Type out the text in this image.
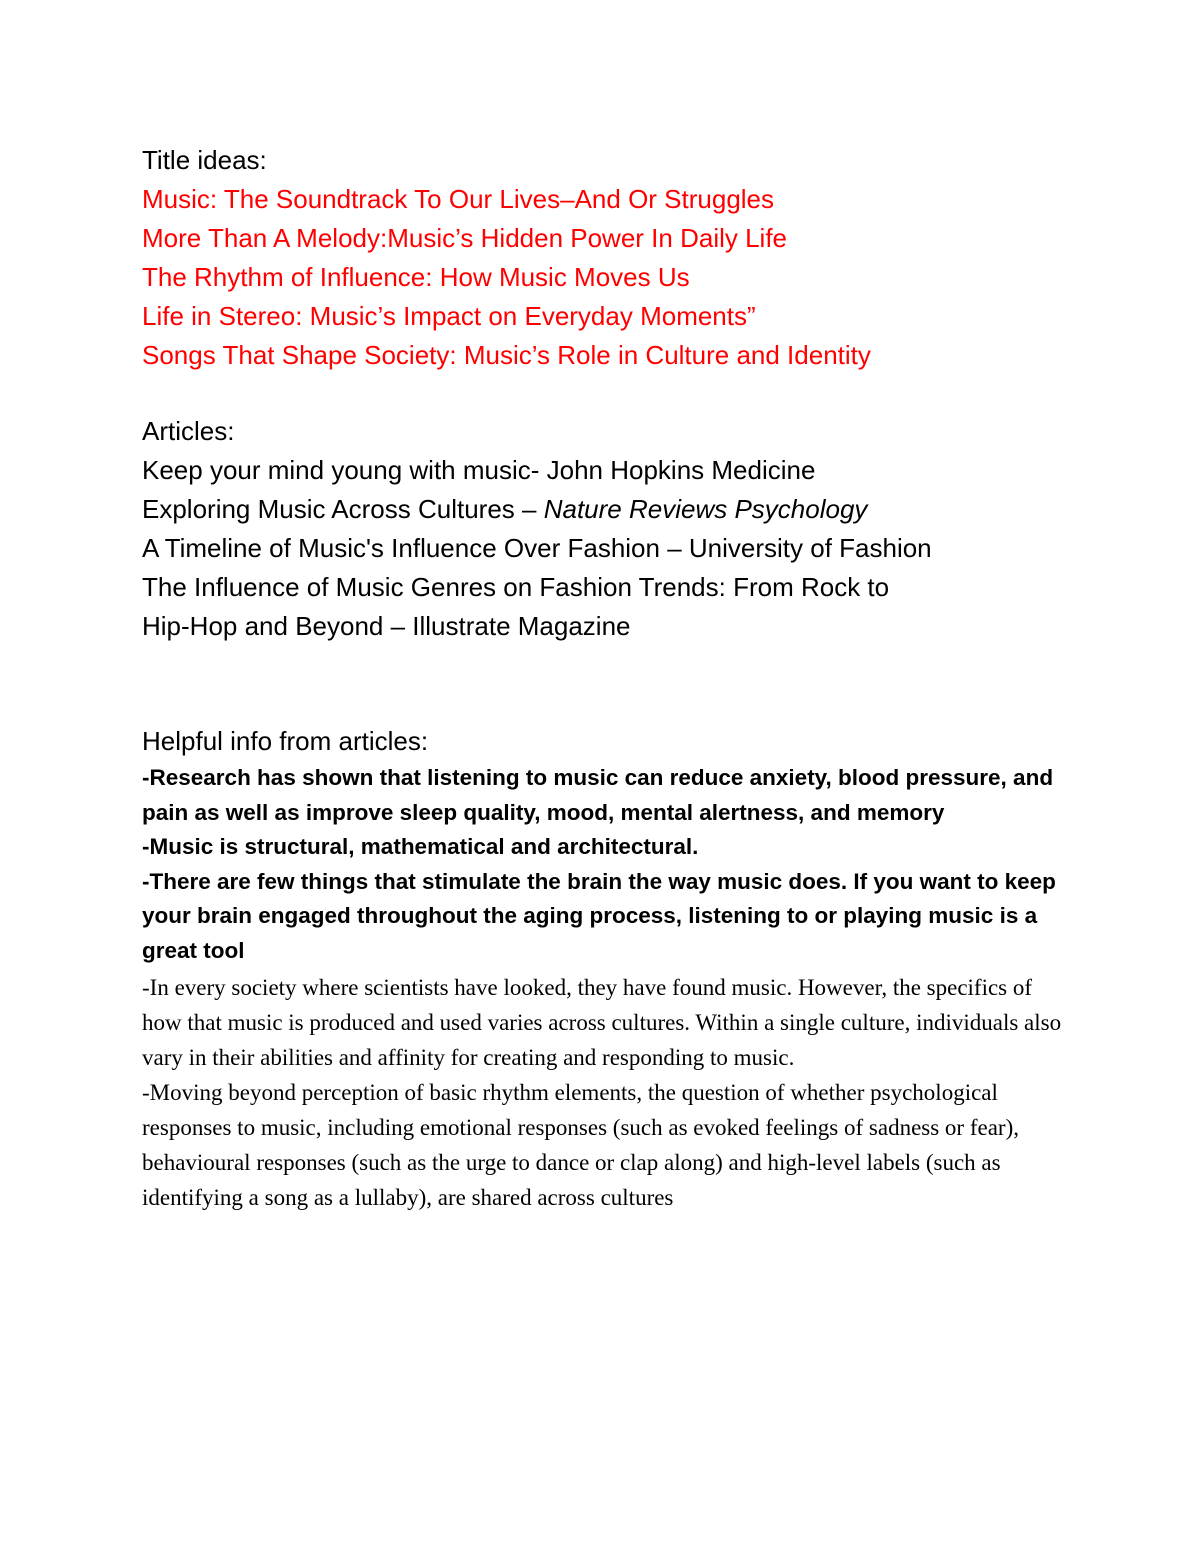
Title ideas:
Music: The Soundtrack To Our Lives–And Or Struggles
More Than A Melody:Music’s Hidden Power In Daily Life
The Rhythm of Influence: How Music Moves Us
Life in Stereo: Music’s Impact on Everyday Moments”
Songs That Shape Society: Music’s Role in Culture and Identity
Articles:
Keep your mind young with music- John Hopkins Medicine
Exploring Music Across Cultures – Nature Reviews Psychology
A Timeline of Music's Influence Over Fashion – University of Fashion
The Influence of Music Genres on Fashion Trends: From Rock to
Hip-Hop and Beyond – Illustrate Magazine
Helpful info from articles:

-Research has shown that listening to music can reduce anxiety, blood pressure, and pain as well as improve sleep quality, mood, mental alertness, and memory

-Music is structural, mathematical and architectural.

-There are few things that stimulate the brain the way music does. If you want to keep your brain engaged throughout the aging process, listening to or playing music is a great tool

-In every society where scientists have looked, they have found music. However, the specifics of how that music is produced and used varies across cultures. Within a single culture, individuals also vary in their abilities and affinity for creating and responding to music.

-Moving beyond perception of basic rhythm elements, the question of whether psychological responses to music, including emotional responses (such as evoked feelings of sadness or fear), behavioural responses (such as the urge to dance or clap along) and high-level labels (such as identifying a song as a lullaby), are shared across cultures
